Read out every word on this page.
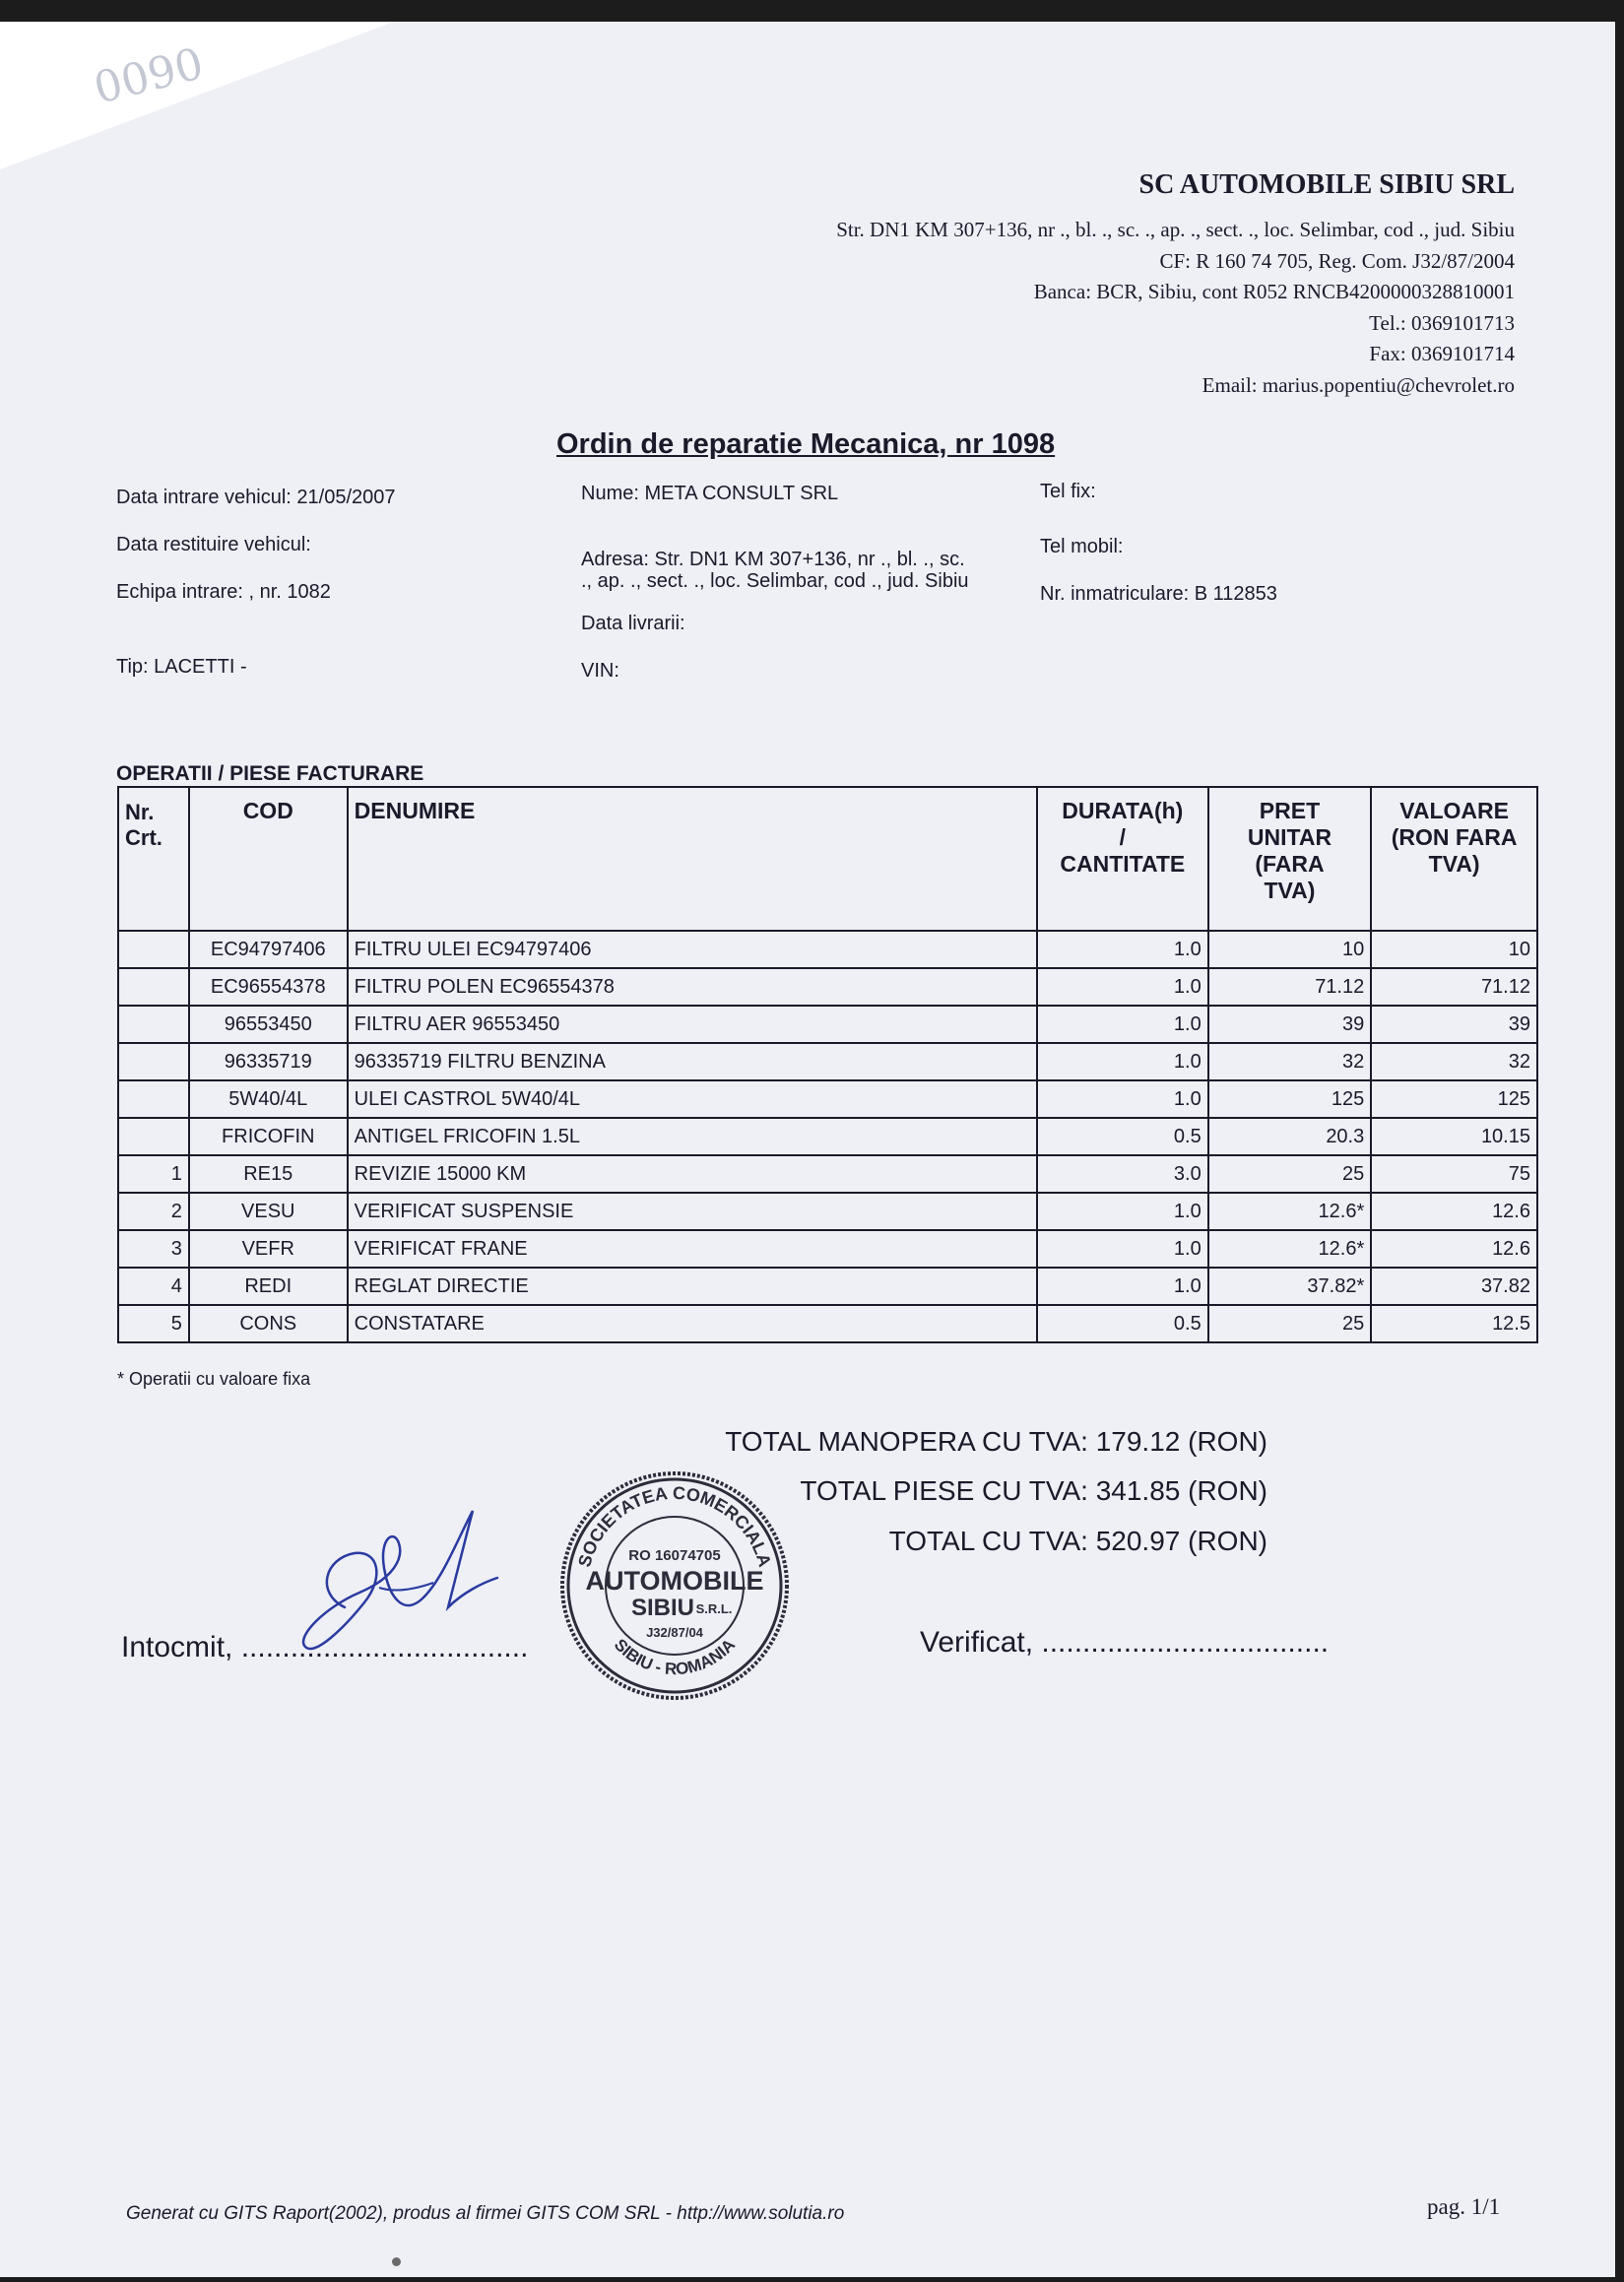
0090
SC AUTOMOBILE SIBIU SRL
Str. DN1 KM 307+136, nr ., bl. ., sc. ., ap. ., sect. ., loc. Selimbar, cod ., jud. Sibiu
CF: R 160 74 705, Reg. Com. J32/87/2004
Banca: BCR, Sibiu, cont R052 RNCB4200000328810001
Tel.: 0369101713
Fax: 0369101714
Email: marius.popentiu@chevrolet.ro
Ordin de reparatie Mecanica, nr 1098
Data intrare vehicul: 21/05/2007
Data restituire vehicul:
Echipa intrare: , nr. 1082
Tip: LACETTI -
Nume: META CONSULT SRL
Adresa: Str. DN1 KM 307+136, nr ., bl. ., sc.
., ap. ., sect. ., loc. Selimbar, cod ., jud. Sibiu
Data livrarii:
VIN:
Tel fix:
Tel mobil:
Nr. inmatriculare: B 112853
OPERATII / PIESE FACTURARE
Nr.
Crt.	COD	DENUMIRE	DURATA(h)
/
CANTITATE	PRET
UNITAR
(FARA
TVA)	VALOARE
(RON FARA
TVA)
	EC94797406	FILTRU ULEI EC94797406	1.0	10	10
	EC96554378	FILTRU POLEN EC96554378	1.0	71.12	71.12
	96553450	FILTRU AER 96553450	1.0	39	39
	96335719	96335719 FILTRU BENZINA	1.0	32	32
	5W40/4L	ULEI CASTROL 5W40/4L	1.0	125	125
	FRICOFIN	ANTIGEL FRICOFIN 1.5L	0.5	20.3	10.15
1	RE15	REVIZIE 15000 KM	3.0	25	75
2	VESU	VERIFICAT SUSPENSIE	1.0	12.6*	12.6
3	VEFR	VERIFICAT FRANE	1.0	12.6*	12.6
4	REDI	REGLAT DIRECTIE	1.0	37.82*	37.82
5	CONS	CONSTATARE	0.5	25	12.5
* Operatii cu valoare fixa
TOTAL MANOPERA CU TVA: 179.12 (RON)
TOTAL PIESE CU TVA: 341.85 (RON)
TOTAL CU TVA: 520.97 (RON)
Intocmit, ...................................	Verificat, ...................................
SOCIETATEA COMERCIALA
SIBIU - ROMANIA
RO 16074705
AUTOMOBILE
SIBIU S.R.L.
J32/87/04
Generat cu GITS Raport(2002), produs al firmei GITS COM SRL - http://www.solutia.ro	pag. 1/1
